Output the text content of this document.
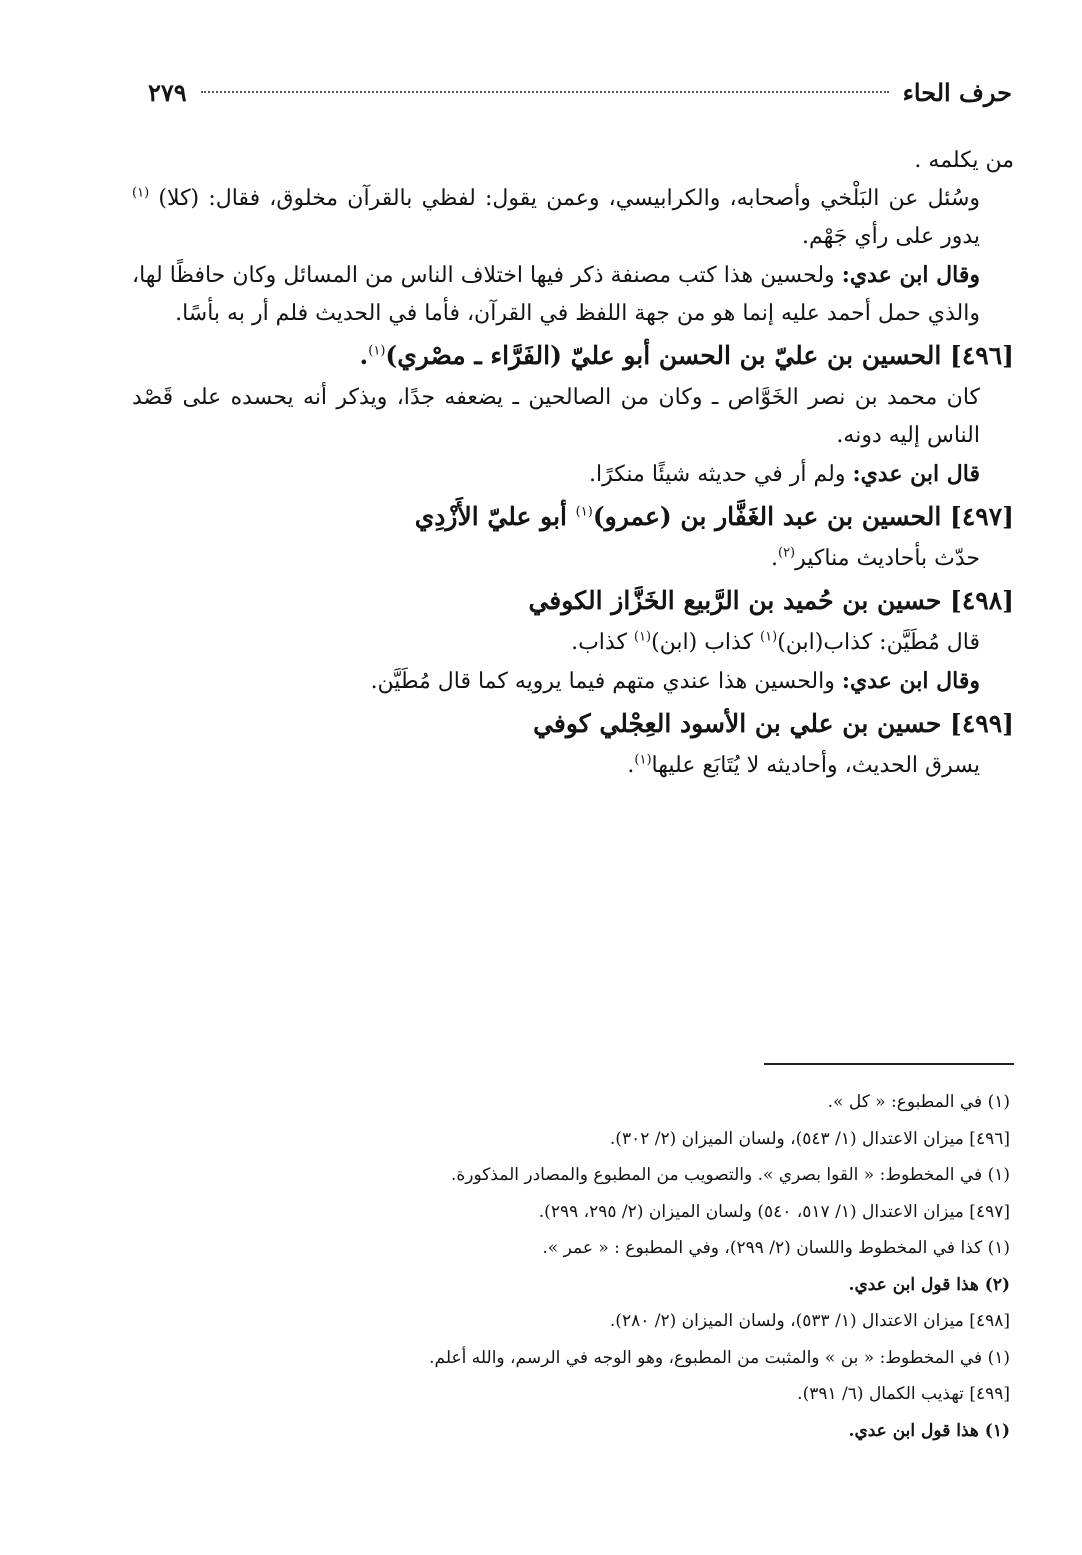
حرف الحاء
٢٧٩

من يكلمه .

وسُئل عن البَلْخي وأصحابه، والكرابيسي، وعمن يقول: لفظي بالقرآن مخلوق، فقال: (كلا) $^{(١)}$ يدور على رأي جَهْم.

وقال ابن عدي: ولحسين هذا كتب مصنفة ذكر فيها اختلاف الناس من المسائل وكان حافظًا لها، والذي حمل أحمد عليه إنما هو من جهة اللفظ في القرآن، فأما في الحديث فلم أر به بأسًا.

[٤٩٦] الحسين بن عليّ بن الحسن أبو عليّ (الفَرَّاء ـ مصْري)$^{(١)}$.

كان محمد بن نصر الخَوَّاص ـ وكان من الصالحين ـ يضعفه جدًا، ويذكر أنه يحسده على قَصْد الناس إليه دونه.

قال ابن عدي: ولم أر في حديثه شيئًا منكرًا.

[٤٩٧] الحسين بن عبد الغَفَّار بن (عمرو)$^{(١)}$ أبو عليّ الأَزْدِي

حدّث بأحاديث مناكير$^{(٢)}$.

[٤٩٨] حسين بن حُميد بن الرَّبيع الخَزَّاز الكوفي

قال مُطَيَّن: كذاب(ابن)$^{(١)}$ كذاب (ابن)$^{(١)}$ كذاب.

وقال ابن عدي: والحسين هذا عندي متهم فيما يرويه كما قال مُطَيَّن.

[٤٩٩] حسين بن علي بن الأسود العِجْلي كوفي

يسرق الحديث، وأحاديثه لا يُتَابَع عليها$^{(١)}$.

(١) في المطبوع: « كل ».

[٤٩٦] ميزان الاعتدال (١/ ٥٤٣)، ولسان الميزان (٢/ ٣٠٢).

(١) في المخطوط: « القوا بصري ». والتصويب من المطبوع والمصادر المذكورة.

[٤٩٧] ميزان الاعتدال (١/ ٥١٧، ٥٤٠) ولسان الميزان (٢/ ٢٩٥، ٢٩٩).

(١) كذا في المخطوط واللسان (٢/ ٢٩٩)، وفي المطبوع : « عمر ».

(٢) هذا قول ابن عدي.

[٤٩٨] ميزان الاعتدال (١/ ٥٣٣)، ولسان الميزان (٢/ ٢٨٠).

(١) في المخطوط: « بن » والمثبت من المطبوع، وهو الوجه في الرسم، والله أعلم.

[٤٩٩] تهذيب الكمال (٦/ ٣٩١).

(١) هذا قول ابن عدي.
